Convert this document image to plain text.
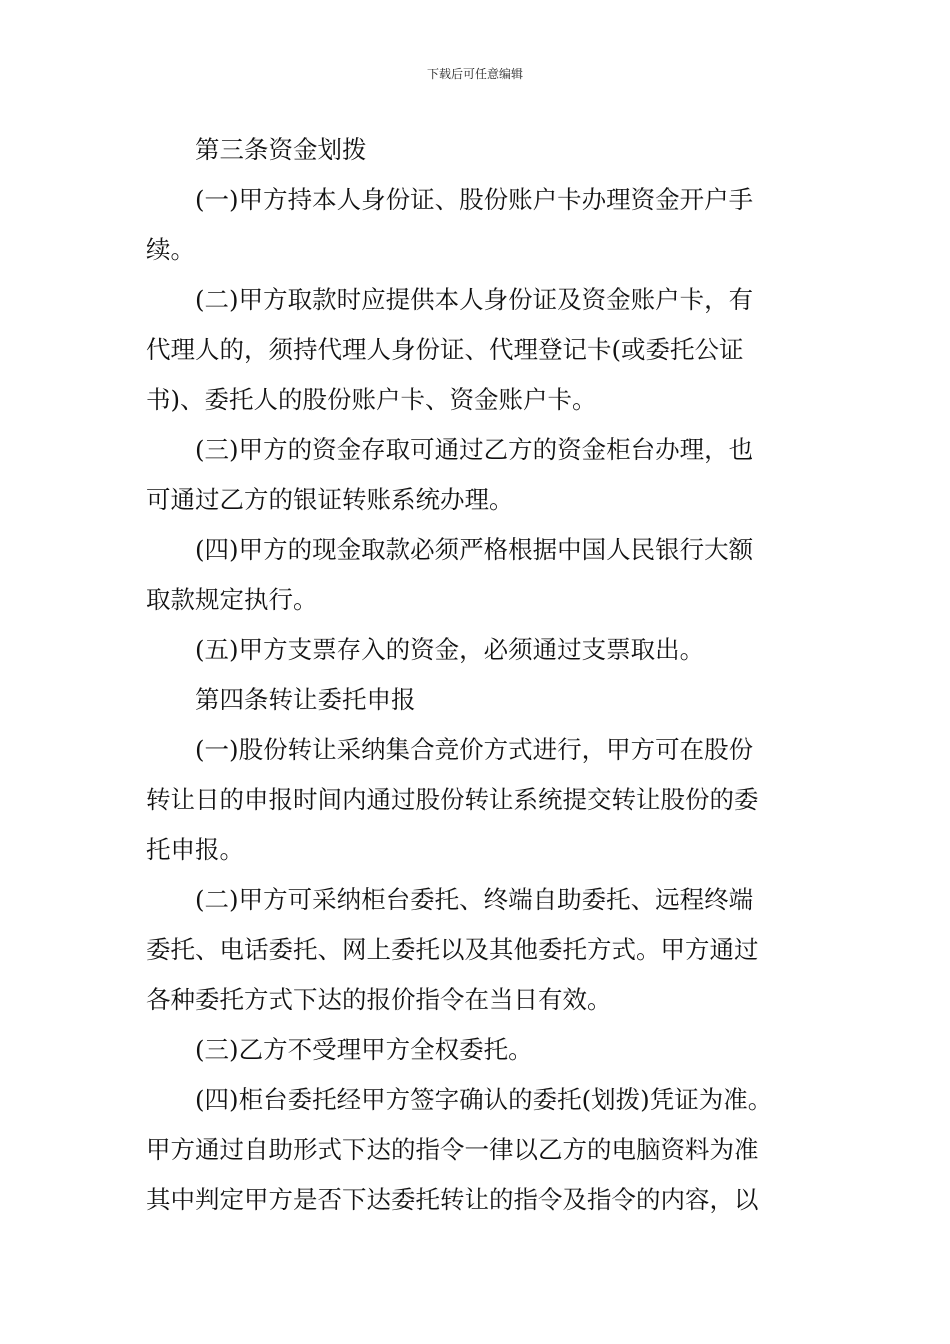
下载后可任意编辑
第三条资金划拨
(一)甲方持本人身份证、股份账户卡办理资金开户手
续。
(二)甲方取款时应提供本人身份证及资金账户卡，有
代理人的，须持代理人身份证、代理登记卡(或委托公证
书)、委托人的股份账户卡、资金账户卡。
(三)甲方的资金存取可通过乙方的资金柜台办理，也
可通过乙方的银证转账系统办理。
(四)甲方的现金取款必须严格根据中国人民银行大额
取款规定执行。
(五)甲方支票存入的资金，必须通过支票取出。
第四条转让委托申报
(一)股份转让采纳集合竞价方式进行，甲方可在股份
转让日的申报时间内通过股份转让系统提交转让股份的委
托申报。
(二)甲方可采纳柜台委托、终端自助委托、远程终端
委托、电话委托、网上委托以及其他委托方式。甲方通过
各种委托方式下达的报价指令在当日有效。
(三)乙方不受理甲方全权委托。
(四)柜台委托经甲方签字确认的委托(划拨)凭证为准。
甲方通过自助形式下达的指令一律以乙方的电脑资料为准
其中判定甲方是否下达委托转让的指令及指令的内容，以
